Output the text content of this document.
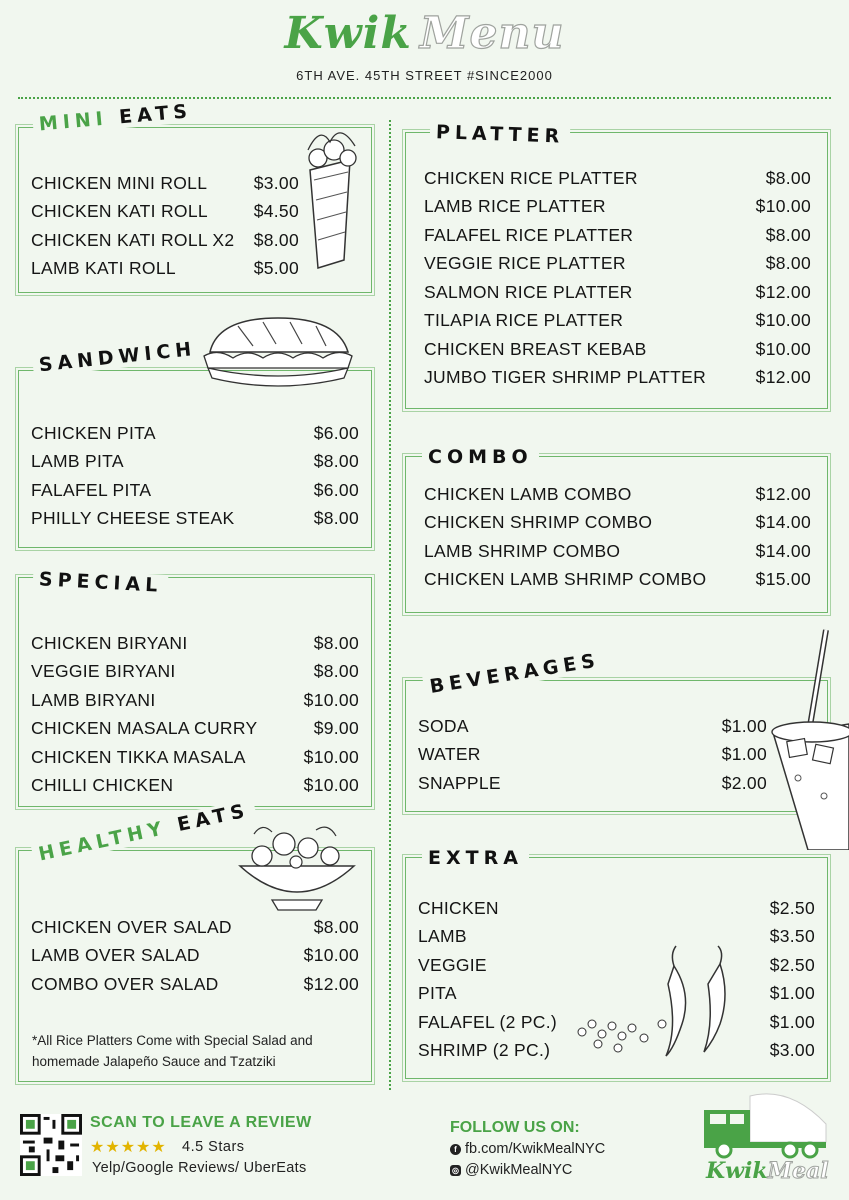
Kwik Menu
6TH AVE. 45TH STREET #SINCE2000
MINI EATS
CHICKEN MINI ROLL	$3.00
CHICKEN KATI ROLL	$4.50
CHICKEN KATI ROLL X2 $8.00
LAMB KATI ROLL	$5.00
SANDWICH
CHICKEN PITA	$6.00
LAMB PITA	$8.00
FALAFEL PITA	$6.00
PHILLY CHEESE STEAK	$8.00
SPECIAL
CHICKEN BIRYANI	$8.00
VEGGIE BIRYANI	$8.00
LAMB BIRYANI	$10.00
CHICKEN MASALA CURRY	$9.00
CHICKEN TIKKA MASALA	$10.00
CHILLI CHICKEN	$10.00
HEALTHY EATS
CHICKEN OVER SALAD	$8.00
LAMB OVER SALAD	$10.00
COMBO OVER SALAD	$12.00
*All Rice Platters Come with Special Salad and homemade Jalapeño Sauce and Tzatziki
PLATTER
CHICKEN RICE PLATTER	$8.00
LAMB RICE PLATTER	$10.00
FALAFEL RICE PLATTER	$8.00
VEGGIE RICE PLATTER	$8.00
SALMON RICE PLATTER	$12.00
TILAPIA RICE PLATTER	$10.00
CHICKEN BREAST KEBAB	$10.00
JUMBO TIGER SHRIMP PLATTER	$12.00
COMBO
CHICKEN LAMB COMBO	$12.00
CHICKEN SHRIMP COMBO	$14.00
LAMB SHRIMP COMBO	$14.00
CHICKEN LAMB SHRIMP COMBO	$15.00
BEVERAGES
SODA	$1.00
WATER	$1.00
SNAPPLE	$2.00
EXTRA
CHICKEN	$2.50
LAMB	$3.50
VEGGIE	$2.50
PITA	$1.00
FALAFEL (2 PC.)	$1.00
SHRIMP (2 PC.)	$3.00
SCAN TO LEAVE A REVIEW
★★★★★ 4.5 Stars
Yelp/Google Reviews/ UberEats
FOLLOW US ON:
f fb.com/KwikMealNYC
◎ @KwikMealNYC	KwikMeal
